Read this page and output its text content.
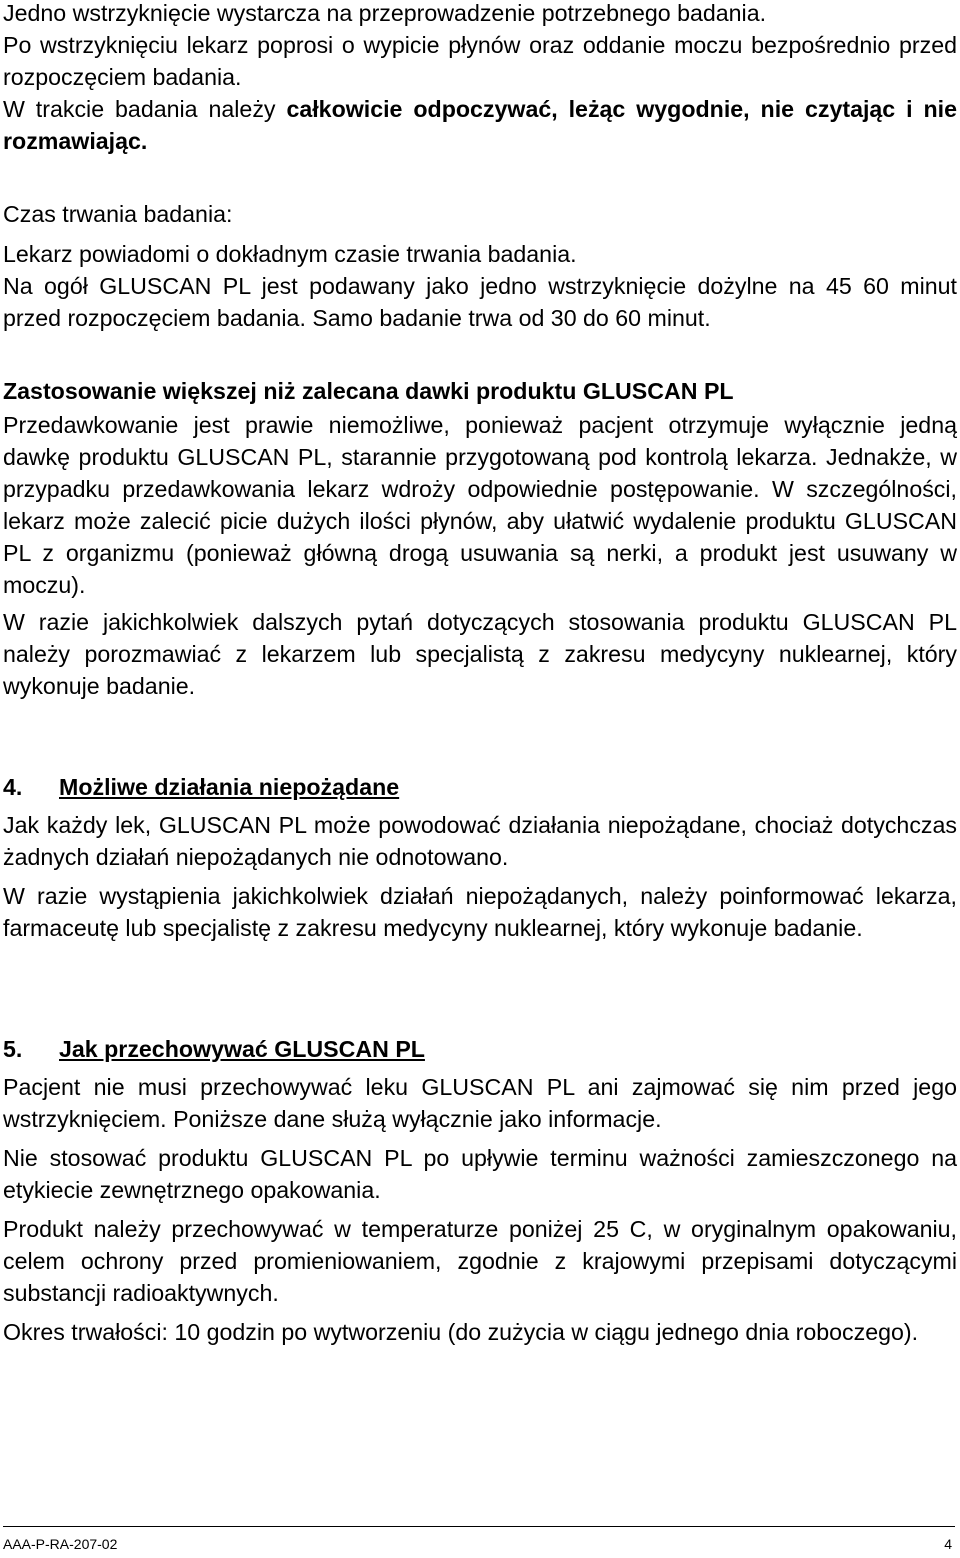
Jedno wstrzyknięcie wystarcza na przeprowadzenie potrzebnego badania.

Po wstrzyknięciu lekarz poprosi o wypicie płynów oraz oddanie moczu bezpośrednio przed rozpoczęciem badania.

W trakcie badania należy całkowicie odpoczywać, leżąc wygodnie, nie czytając i nie rozmawiając.

Czas trwania badania:

Lekarz powiadomi o dokładnym czasie trwania badania.

Na ogół GLUSCAN PL jest podawany jako jedno wstrzyknięcie dożylne na 45 60 minut przed rozpoczęciem badania. Samo badanie trwa od 30 do 60 minut.

Zastosowanie większej niż zalecana dawki produktu GLUSCAN PL

Przedawkowanie jest prawie niemożliwe, ponieważ pacjent otrzymuje wyłącznie jedną dawkę produktu GLUSCAN PL, starannie przygotowaną pod kontrolą lekarza. Jednakże, w przypadku przedawkowania lekarz wdroży odpowiednie postępowanie. W szczególności, lekarz może zalecić picie dużych ilości płynów, aby ułatwić wydalenie produktu GLUSCAN PL z organizmu (ponieważ główną drogą usuwania są nerki, a produkt jest usuwany w moczu).

W razie jakichkolwiek dalszych pytań dotyczących stosowania produktu GLUSCAN PL należy porozmawiać z lekarzem lub specjalistą z zakresu medycyny nuklearnej, który wykonuje badanie.

4. Możliwe działania niepożądane

Jak każdy lek, GLUSCAN PL może powodować działania niepożądane, chociaż dotychczas żadnych działań niepożądanych nie odnotowano.

W razie wystąpienia jakichkolwiek działań niepożądanych, należy poinformować lekarza, farmaceutę lub specjalistę z zakresu medycyny nuklearnej, który wykonuje badanie.

5. Jak przechowywać GLUSCAN PL

Pacjent nie musi przechowywać leku GLUSCAN PL ani zajmować się nim przed jego wstrzyknięciem. Poniższe dane służą wyłącznie jako informacje.

Nie stosować produktu GLUSCAN PL po upływie terminu ważności zamieszczonego na etykiecie zewnętrznego opakowania.

Produkt należy przechowywać w temperaturze poniżej 25 C, w oryginalnym opakowaniu, celem ochrony przed promieniowaniem, zgodnie z krajowymi przepisami dotyczącymi substancji radioaktywnych.

Okres trwałości: 10 godzin po wytworzeniu (do zużycia w ciągu jednego dnia roboczego).

AAA-P-RA-207-02	4
